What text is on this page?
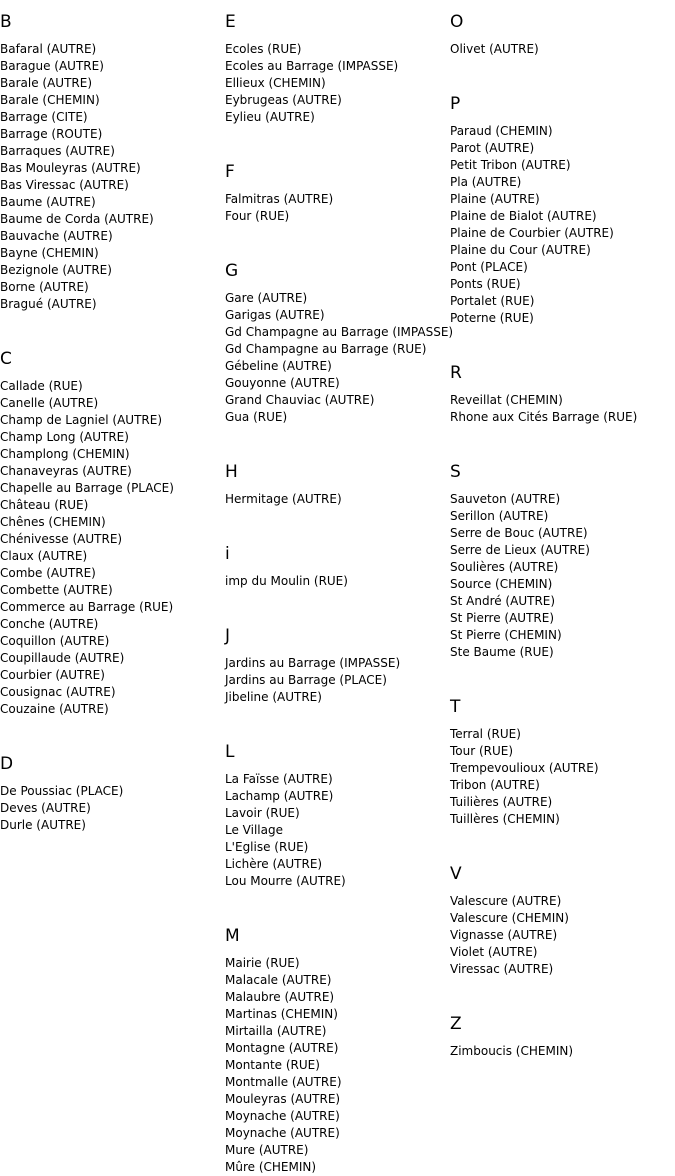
B
Bafaral (AUTRE)
Barague (AUTRE)
Barale (AUTRE)
Barale (CHEMIN)
Barrage (CITE)
Barrage (ROUTE)
Barraques (AUTRE)
Bas Mouleyras (AUTRE)
Bas Viressac (AUTRE)
Baume (AUTRE)
Baume de Corda (AUTRE)
Bauvache (AUTRE)
Bayne (CHEMIN)
Bezignole (AUTRE)
Borne (AUTRE)
Bragué (AUTRE)
C
Callade (RUE)
Canelle (AUTRE)
Champ de Lagniel (AUTRE)
Champ Long (AUTRE)
Champlong (CHEMIN)
Chanaveyras (AUTRE)
Chapelle au Barrage (PLACE)
Château (RUE)
Chênes (CHEMIN)
Chénivesse (AUTRE)
Claux (AUTRE)
Combe (AUTRE)
Combette (AUTRE)
Commerce au Barrage (RUE)
Conche (AUTRE)
Coquillon (AUTRE)
Coupillaude (AUTRE)
Courbier (AUTRE)
Cousignac (AUTRE)
Couzaine (AUTRE)
D
De Poussiac (PLACE)
Deves (AUTRE)
Durle (AUTRE)
E
Ecoles (RUE)
Ecoles au Barrage (IMPASSE)
Ellieux (CHEMIN)
Eybrugeas (AUTRE)
Eylieu (AUTRE)
F
Falmitras (AUTRE)
Four (RUE)
G
Gare (AUTRE)
Garigas (AUTRE)
Gd Champagne au Barrage (IMPASSE)
Gd Champagne au Barrage (RUE)
Gébeline (AUTRE)
Gouyonne (AUTRE)
Grand Chauviac (AUTRE)
Gua (RUE)
H
Hermitage (AUTRE)
i
imp du Moulin (RUE)
J
Jardins au Barrage (IMPASSE)
Jardins au Barrage (PLACE)
Jibeline (AUTRE)
L
La Faïsse (AUTRE)
Lachamp (AUTRE)
Lavoir (RUE)
Le Village
L'Eglise (RUE)
Lichère (AUTRE)
Lou Mourre (AUTRE)
M
Mairie (RUE)
Malacale (AUTRE)
Malaubre (AUTRE)
Martinas (CHEMIN)
Mirtailla (AUTRE)
Montagne (AUTRE)
Montante (RUE)
Montmalle (AUTRE)
Mouleyras (AUTRE)
Moynache (AUTRE)
Moynache (AUTRE)
Mure (AUTRE)
Mûre (CHEMIN)
O
Olivet (AUTRE)
P
Paraud (CHEMIN)
Parot (AUTRE)
Petit Tribon (AUTRE)
Pla (AUTRE)
Plaine (AUTRE)
Plaine de Bialot (AUTRE)
Plaine de Courbier (AUTRE)
Plaine du Cour (AUTRE)
Pont (PLACE)
Ponts (RUE)
Portalet (RUE)
Poterne (RUE)
R
Reveillat (CHEMIN)
Rhone aux Cités Barrage (RUE)
S
Sauveton (AUTRE)
Serillon (AUTRE)
Serre de Bouc (AUTRE)
Serre de Lieux (AUTRE)
Soulières (AUTRE)
Source (CHEMIN)
St André (AUTRE)
St Pierre (AUTRE)
St Pierre (CHEMIN)
Ste Baume (RUE)
T
Terral (RUE)
Tour (RUE)
Trempevoulioux (AUTRE)
Tribon (AUTRE)
Tuilières (AUTRE)
Tuillères (CHEMIN)
V
Valescure (AUTRE)
Valescure (CHEMIN)
Vignasse (AUTRE)
Violet (AUTRE)
Viressac (AUTRE)
Z
Zimboucis (CHEMIN)
